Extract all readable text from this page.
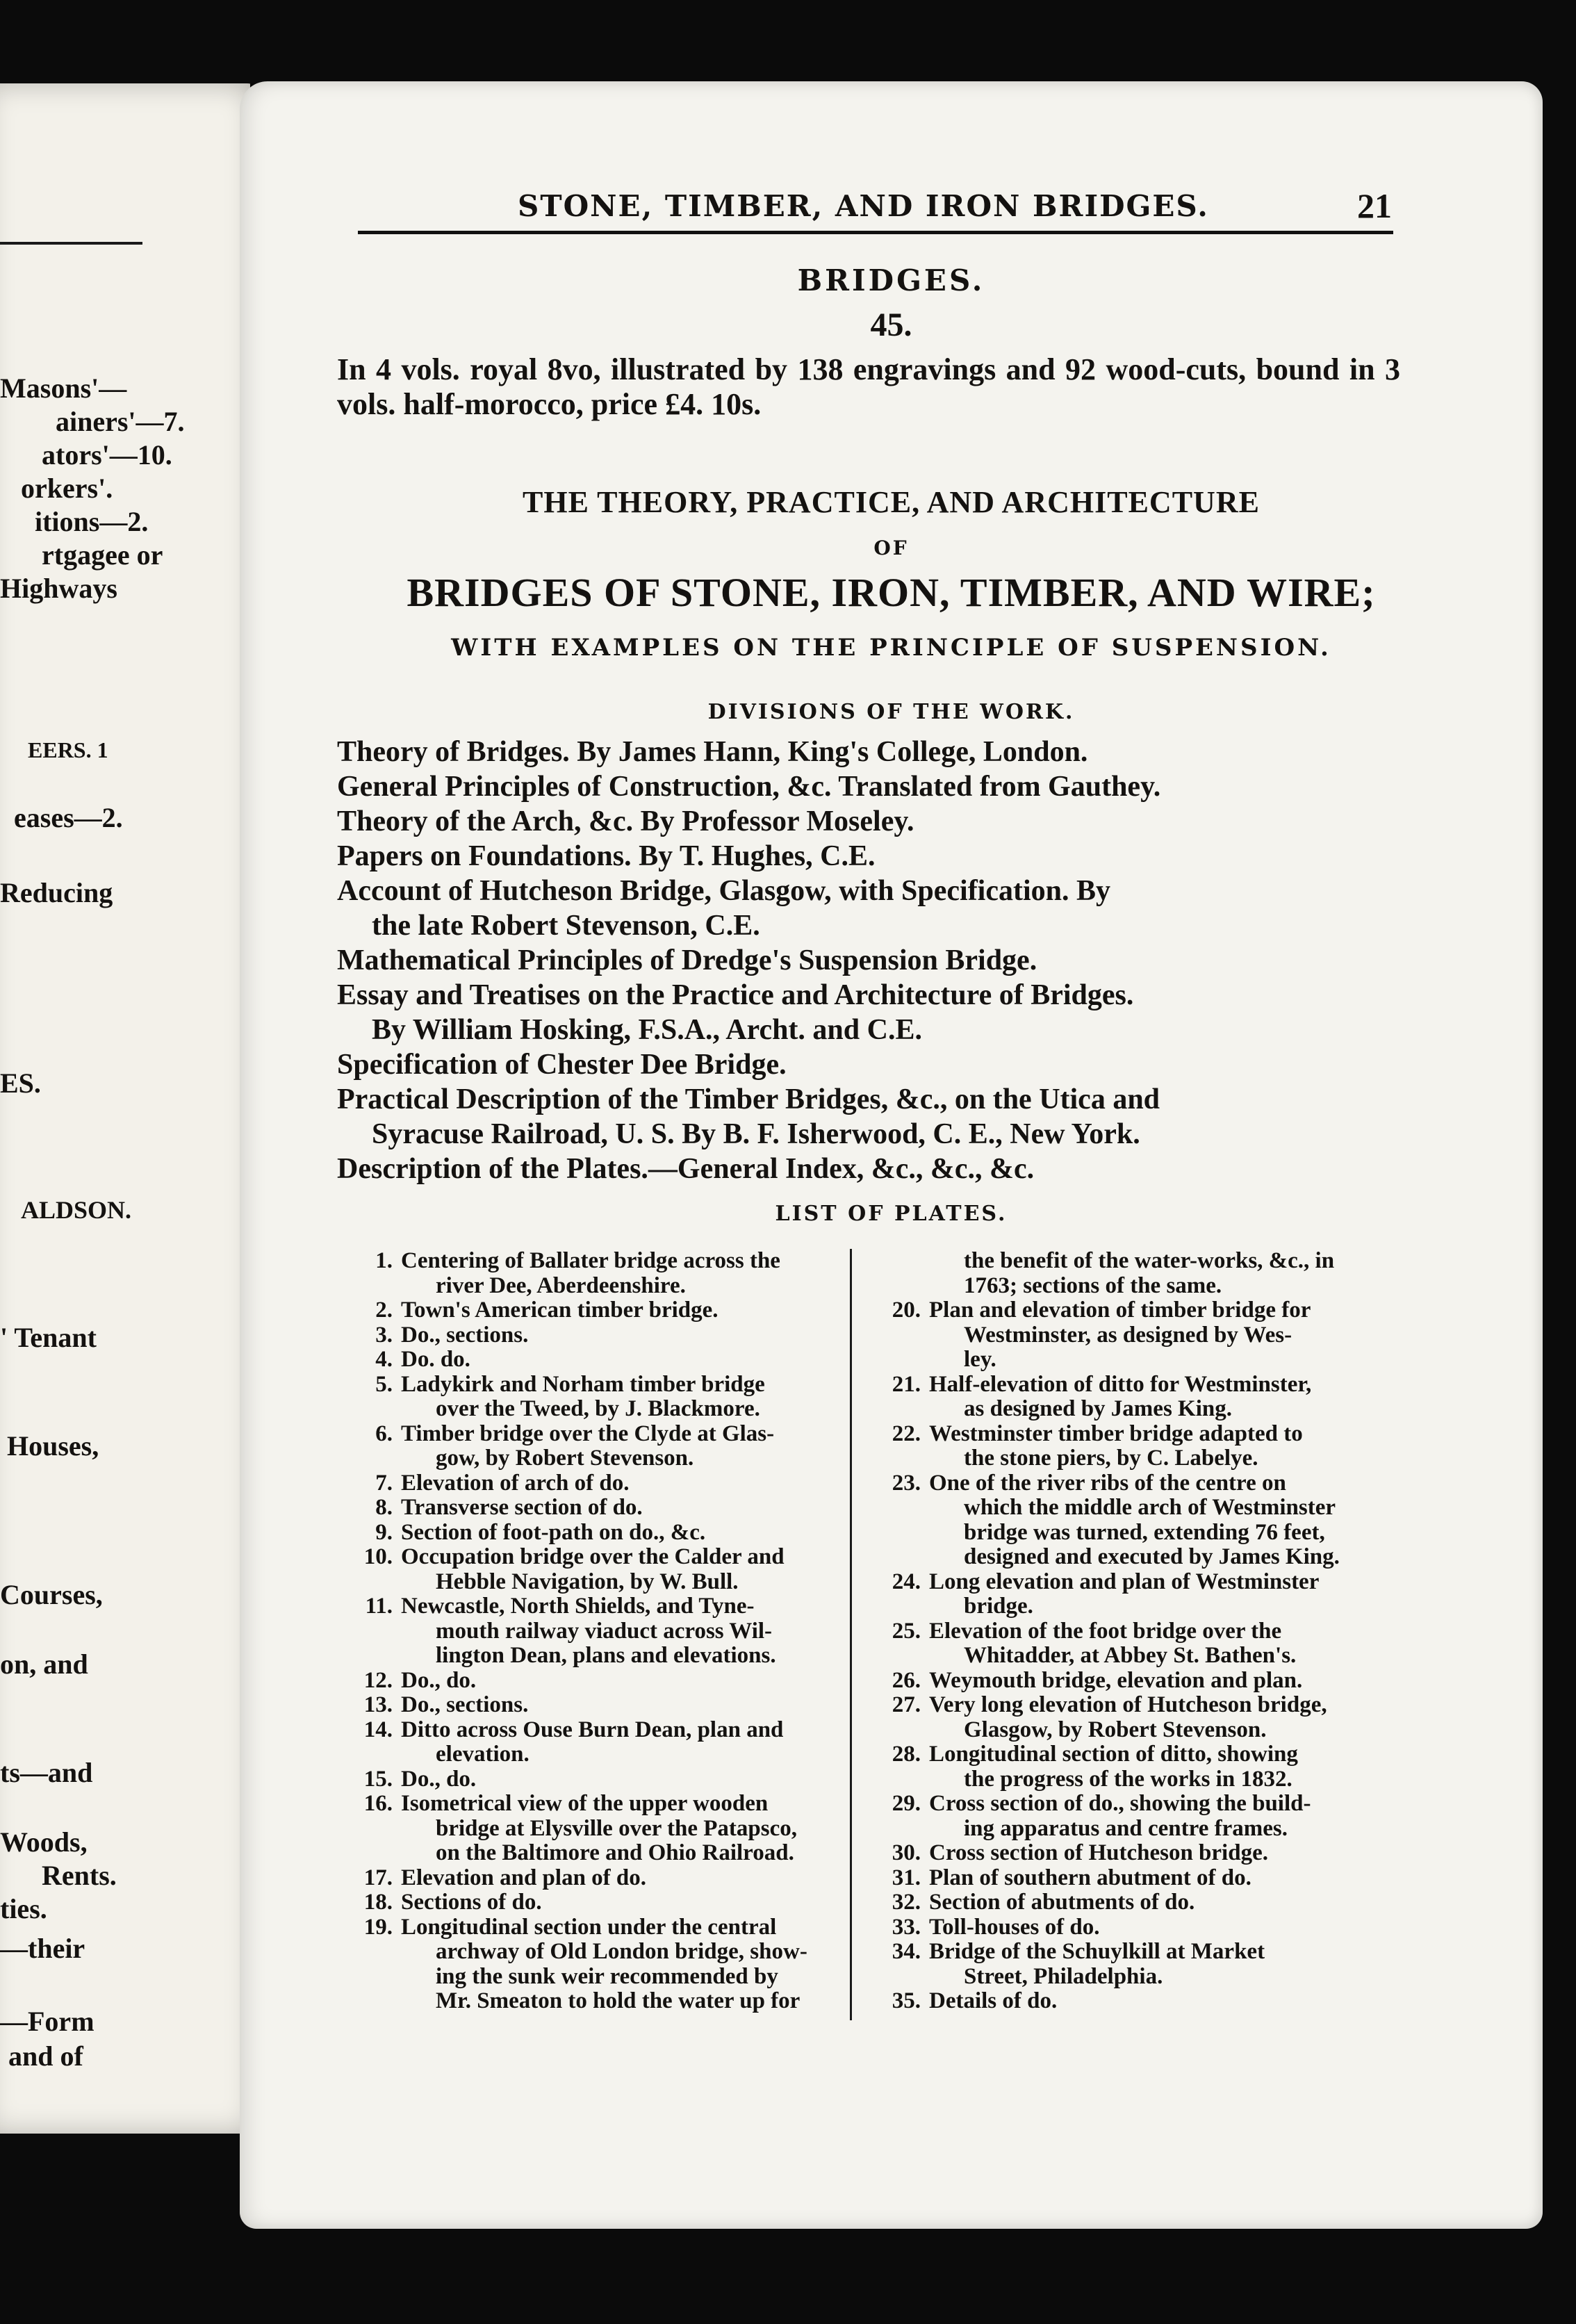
Masons'—
ainers'—7.
ators'—10.
orkers'.
itions—2.
rtgagee or
Highways
EERS. 1
eases—2.
Reducing
ES.
ALDSON.
' Tenant
Houses,
Courses,
on, and
ts—and
Woods,
Rents.
ties.
—their
—Form
and of
STONE, TIMBER, AND IRON BRIDGES.	21
BRIDGES.
45.
In 4 vols. royal 8vo, illustrated by 138 engravings and 92 wood-cuts, bound in 3 vols. half-morocco, price £4. 10s.
THE THEORY, PRACTICE, AND ARCHITECTURE
OF
BRIDGES OF STONE, IRON, TIMBER, AND WIRE;
WITH EXAMPLES ON THE PRINCIPLE OF SUSPENSION.
DIVISIONS OF THE WORK.

Theory of Bridges. By James Hann, King's College, London.

General Principles of Construction, &c. Translated from Gauthey.

Theory of the Arch, &c. By Professor Moseley.

Papers on Foundations. By T. Hughes, C.E.

Account of Hutcheson Bridge, Glasgow, with Specification. By

the late Robert Stevenson, C.E.

Mathematical Principles of Dredge's Suspension Bridge.

Essay and Treatises on the Practice and Architecture of Bridges.

By William Hosking, F.S.A., Archt. and C.E.

Specification of Chester Dee Bridge.

Practical Description of the Timber Bridges, &c., on the Utica and

Syracuse Railroad, U. S. By B. F. Isherwood, C. E., New York.

Description of the Plates.—General Index, &c., &c., &c.

LIST OF PLATES.

1. Centering of Ballater bridge across the

river Dee, Aberdeenshire.

2. Town's American timber bridge.

3. Do., sections.

4. Do. do.

5. Ladykirk and Norham timber bridge

over the Tweed, by J. Blackmore.

6. Timber bridge over the Clyde at Glas-

gow, by Robert Stevenson.

7. Elevation of arch of do.

8. Transverse section of do.

9. Section of foot-path on do., &c.

10. Occupation bridge over the Calder and

Hebble Navigation, by W. Bull.

11. Newcastle, North Shields, and Tyne-

mouth railway viaduct across Wil-

lington Dean, plans and elevations.

12. Do., do.

13. Do., sections.

14. Ditto across Ouse Burn Dean, plan and

elevation.

15. Do., do.

16. Isometrical view of the upper wooden

bridge at Elysville over the Patapsco,

on the Baltimore and Ohio Railroad.

17. Elevation and plan of do.

18. Sections of do.

19. Longitudinal section under the central

archway of Old London bridge, show-

ing the sunk weir recommended by

Mr. Smeaton to hold the water up for

the benefit of the water-works, &c., in

1763; sections of the same.

20. Plan and elevation of timber bridge for

Westminster, as designed by Wes-

ley.

21. Half-elevation of ditto for Westminster,

as designed by James King.

22. Westminster timber bridge adapted to

the stone piers, by C. Labelye.

23. One of the river ribs of the centre on

which the middle arch of Westminster

bridge was turned, extending 76 feet,

designed and executed by James King.

24. Long elevation and plan of Westminster

bridge.

25. Elevation of the foot bridge over the

Whitadder, at Abbey St. Bathen's.

26. Weymouth bridge, elevation and plan.

27. Very long elevation of Hutcheson bridge,

Glasgow, by Robert Stevenson.

28. Longitudinal section of ditto, showing

the progress of the works in 1832.

29. Cross section of do., showing the build-

ing apparatus and centre frames.

30. Cross section of Hutcheson bridge.

31. Plan of southern abutment of do.

32. Section of abutments of do.

33. Toll-houses of do.

34. Bridge of the Schuylkill at Market

Street, Philadelphia.

35. Details of do.
